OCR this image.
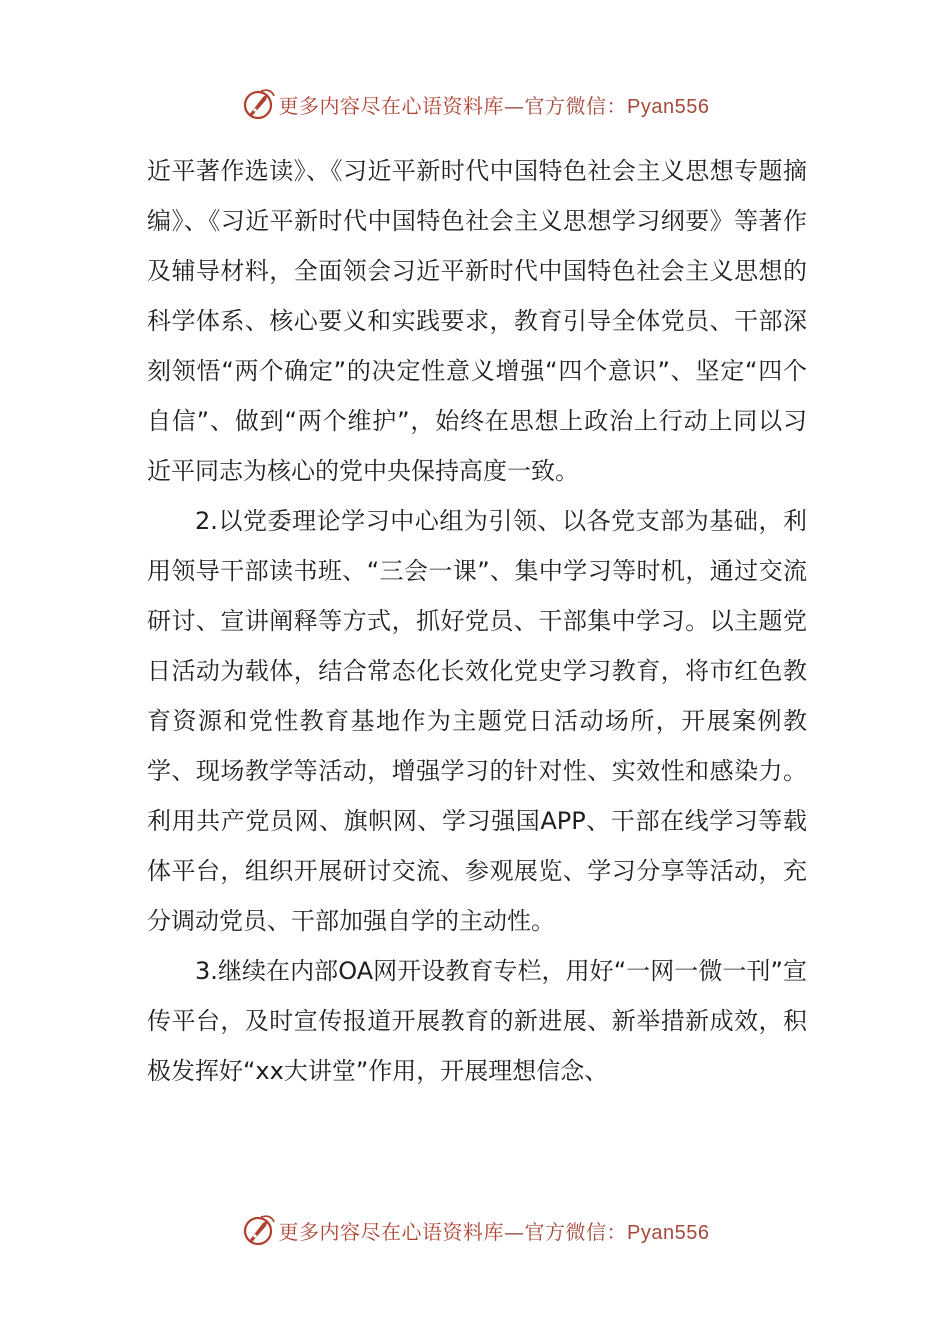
更多内容尽在心语资料库—官方微信：Pyan556

近平著作选读》、《习近平新时代中国特色社会主义思想专题摘编》、《习近平新时代中国特色社会主义思想学习纲要》等著作及辅导材料，全面领会习近平新时代中国特色社会主义思想的科学体系、核心要义和实践要求，教育引导全体党员、干部深刻领悟“两个确定”的决定性意义增强“四个意识”、坚定“四个自信”、做到“两个维护”，始终在思想上政治上行动上同以习近平同志为核心的党中央保持高度一致。

2.以党委理论学习中心组为引领、以各党支部为基础，利用领导干部读书班、“三会一课”、集中学习等时机，通过交流研讨、宣讲阐释等方式，抓好党员、干部集中学习。以主题党日活动为载体，结合常态化长效化党史学习教育，将市红色教育资源和党性教育基地作为主题党日活动场所，开展案例教学、现场教学等活动，增强学习的针对性、实效性和感染力。利用共产党员网、旗帜网、学习强国APP、干部在线学习等载体平台，组织开展研讨交流、参观展览、学习分享等活动，充分调动党员、干部加强自学的主动性。

3.继续在内部OA网开设教育专栏，用好“一网一微一刊”宣传平台，及时宣传报道开展教育的新进展、新举措新成效，积极发挥好“xx大讲堂”作用，开展理想信念、

更多内容尽在心语资料库—官方微信：Pyan556
